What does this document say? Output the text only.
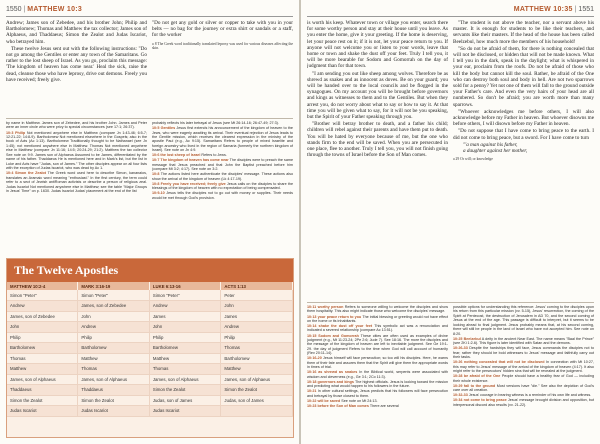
1550 | MATTHEW 10:3

Andrew; James son of Zebedee, and his brother John; Philip and Bartholomew; Thomas and Matthew the tax collector; James son of Alphaeus, and Thaddaeus; Simon the Zealot and Judas Iscariot, who betrayed him.

These twelve Jesus sent out with the following instructions: "Do not go among the Gentiles or enter any town of the Samaritans. Go rather to the lost sheep of Israel. As you go, proclaim this message: 'The kingdom of heaven has come near.' Heal the sick, raise the dead, cleanse those who have leprosy, drive out demons. Freely you have received; freely give.

"Do not get any gold or silver or copper to take with you in your belts — no bag for the journey or extra shirt or sandals or a staff, for the worker

a 8 The Greek word traditionally translated leprosy was used for various diseases affecting the skin.

by name in Matthew. James son of Zebedee, and his brother John. James and Peter were an inner circle who were privy to special circumstances (see 17:1; 26:37).

10:3 Philip Not mentioned anywhere else in Matthew (compare Jn 1:43-46; 6:5-7; 12:21-22; 14:8-9). Bartholomew Not mentioned elsewhere in the Gospels; also in the book of Acts (Ac 1:13). Bartholomew Traditionally thought to be Nathanael (see Jn 1:45); not mentioned anywhere else in Matthew. Thomas Not mentioned anywhere else in Matthew (compare Jn 11:16; 14:5; 20:24-29; 21:2). Matthew the tax collector See note on 9:9. James son of Alphaeus Assumed to be James, differentiated by the name of his father. Thaddaeus He is mentioned here and in Mark's list, but the list in Luke and Acts have "Judas, son of James." The other disciples appear on all four lists with the exception of Judas Iscariot, who was dead by Ac 1.

10:4 Simon the Zealot The Greek word used here to describe Simon, kananaios, translates an Aramaic word meaning "enthusiast." In the first century, the term could refer to a sect of Jewish antiRoman activists or describe a person of religious zeal. Judas Iscariot Not mentioned anywhere else in Matthew; see the table "Major Groups in Jesus' Time" on p. 1630. Judas Iscariot Judas' placement at the end of the list

probably reflects his later betrayal of Jesus (see Mt 26:14-16; 26:47-49; 27:3).

10:5 Gentiles Jesus first extends his announcement of the kingdom of heaven to the Jews, who were eagerly awaiting its arrival. Their eventual rejection of Jesus leads to the Gentile mission, which receives the clearest expression in the ministry of the apostle Paul (e.g., Ac 9:15). Samaritans Refers to people of mixed Israelite and foreign ancestry who lived in the region of Samaria (formerly the northern kingdom of Israel). See note on Jn 4:9.

10:6 the lost sheep of Israel Refers to Jews.

10:7 The kingdom of heaven has come near The disciples were to preach the same message that Jesus preached and that John the Baptist preached before him (compare Mt 3:2; 4:17). See note on 3:2.

10:8 The actions listed here authenticate the disciples' message. These actions also show the arrival of the kingdom of heaven (Lk 4:17-19).

10:8 Freely you have received; freely give Jesus calls on the disciples to share the blessings of the kingdom of heaven with no expectation of being compensated.

10:9-10 Jesus tells the disciples not to go out with money or supplies. Their needs would be met through God's provision.

The Twelve Apostles
MATTHEW 10:2-4	MARK 3:16-19	LUKE 6:13-16	ACTS 1:13
Simon "Peter"	Simon "Peter"	Simon "Peter"	Peter
Andrew	James, son of Zebedee	Andrew	John
James, son of Zebedee	John	James	James
John	Andrew	John	Andrew
Philip	Philip	Philip	Philip
Bartholomew	Bartholomew	Bartholomew	Thomas
Thomas	Matthew	Matthew	Bartholomew
Matthew	Thomas	Thomas	Matthew
James, son of Alphaeus	James, son of Alphaeus	James, son of Alphaeus	James, son of Alphaeus
Thaddaeus	Thaddaeus	Simon the Zealot	Simon the Zealot
Simon the Zealot	Simon the Zealot	Judas, son of James	Judas, son of James
Judas Iscariot	Judas Iscariot	Judas Iscariot	
MATTHEW 10:35 | 1551

is worth his keep. Whatever town or village you enter, search there for some worthy person and stay at their house until you leave. As you enter the home, give it your greeting. If the home is deserving, let your peace rest on it; if it is not, let your peace return to you. If anyone will not welcome you or listen to your words, leave that home or town and shake the dust off your feet. Truly I tell you, it will be more bearable for Sodom and Gomorrah on the day of judgment than for that town.

"I am sending you out like sheep among wolves. Therefore be as shrewd as snakes and as innocent as doves. Be on your guard; you will be handed over to the local councils and be flogged in the synagogues. On my account you will be brought before governors and kings as witnesses to them and to the Gentiles. But when they arrest you, do not worry about what to say or how to say it. At that time you will be given what to say, for it will not be you speaking, but the Spirit of your Father speaking through you.

"Brother will betray brother to death, and a father his child; children will rebel against their parents and have them put to death. You will be hated by everyone because of me, but the one who stands firm to the end will be saved. When you are persecuted in one place, flee to another. Truly I tell you, you will not finish going through the towns of Israel before the Son of Man comes.

"The student is not above the teacher, nor a servant above his master. It is enough for students to be like their teachers, and servants like their masters. If the head of the house has been called Beelzebul, how much more the members of his household!

"So do not be afraid of them, for there is nothing concealed that will not be disclosed, or hidden that will not be made known. What I tell you in the dark, speak in the daylight; what is whispered in your ear, proclaim from the roofs. Do not be afraid of those who kill the body but cannot kill the soul. Rather, be afraid of the One who can destroy both soul and body in hell. Are not two sparrows sold for a penny? Yet not one of them will fall to the ground outside your Father's care. And even the very hairs of your head are all numbered. So don't be afraid; you are worth more than many sparrows.

"Whoever acknowledges me before others, I will also acknowledge before my Father in heaven. But whoever disowns me before others, I will disown before my Father in heaven.

"Do not suppose that I have come to bring peace to the earth. I did not come to bring peace, but a sword. For I have come to turn

"'a man against his father,
a daughter against her mother,
a 29 Or will; or knowledge

10:11 worthy person Refers to someone willing to welcome the disciples and show them hospitality. This also might indicate those who welcome the disciples' message.

10:13 your peace return to you The initial blessing or greeting would not have effect on the home or its inhabitants.

10:14 shake the dust off your feet This symbolic act was a renunciation and indicated a severed relationship (compare Ac 13:51).

10:15 Sodom and Gomorrah These cities are often used as examples of divine judgment (e.g., Mt 11:23-24; 2Pe 2:6; Jude 7). See 18:16. The more the disciples and the message of the kingdom of heaven are left to inevitable judgment. See Ge 19:1-29. the day of judgment Refers to the time when God will call account of humanity (Rev 20:11-14).

10:16-20 Jesus himself will face persecution; so too will his disciples. Here, he warns them of their fate and assures them that the Spirit will give them the appropriate words in times of trial.

10:16 as shrewd as snakes In the Biblical world, serpents were associated with wisdom and cleverness (e.g., Ge 3:1; 2Co 11:3).

10:18 governors and kings The highest officials. Jesus is looking toward the mission and predicting what would happen to his followers in the future.

10:21 In other cultural settings, Jesus predicts that his followers will face persecution and betrayal by those closest to them.

10:22 will be saved See note on Mt 24:13.

10:23 before the Son of Man comes There are several

possible options for understanding this reference: Jesus' coming to the disciples upon his return from this particular mission (vv. 5-15), Jesus' resurrection, the coming of the Spirit at Pentecost, the destruction of Jerusalem in AD 70, and the second coming of Jesus at the end of the age. This passage is difficult to interpret, but it seems to be looking ahead to final judgment. Jesus probably means that, at his second coming, there will still be people in the land of Israel who have not accepted him. See note on 8:20.

10:25 Beelzebul A deity in the ancient Near East. The name means "Baal the Prince" (see 2Ki 1:2-6). This figure is later identified with Satan and the demons.

10:26-33 Despite the hardships they will face, Jesus commands the disciples not to fear; rather they should be bold witnesses to Jesus' message and faithfully carry out their tasks.

10:26 nothing concealed that will not be disclosed In connection with Mt 10:27, this may refer to Jesus' message of the arrival of the kingdom of heaven (4:17). It also might refer to the persecutors' hidden sins that will be revealed at the judgment.

10:28 be afraid of the One People should have a healthy fear of God — including their whole existence.

10:29 fall to the ground Most versions have "die." See also the depiction of God's care over all creation.

10:32-33 Jesus' courage in bearing witness is a reminder of his own life and witness.

10:34 not come to bring peace Jesus' message brought division and opposition, but interpersonal discord also results (vv. 21-22).
